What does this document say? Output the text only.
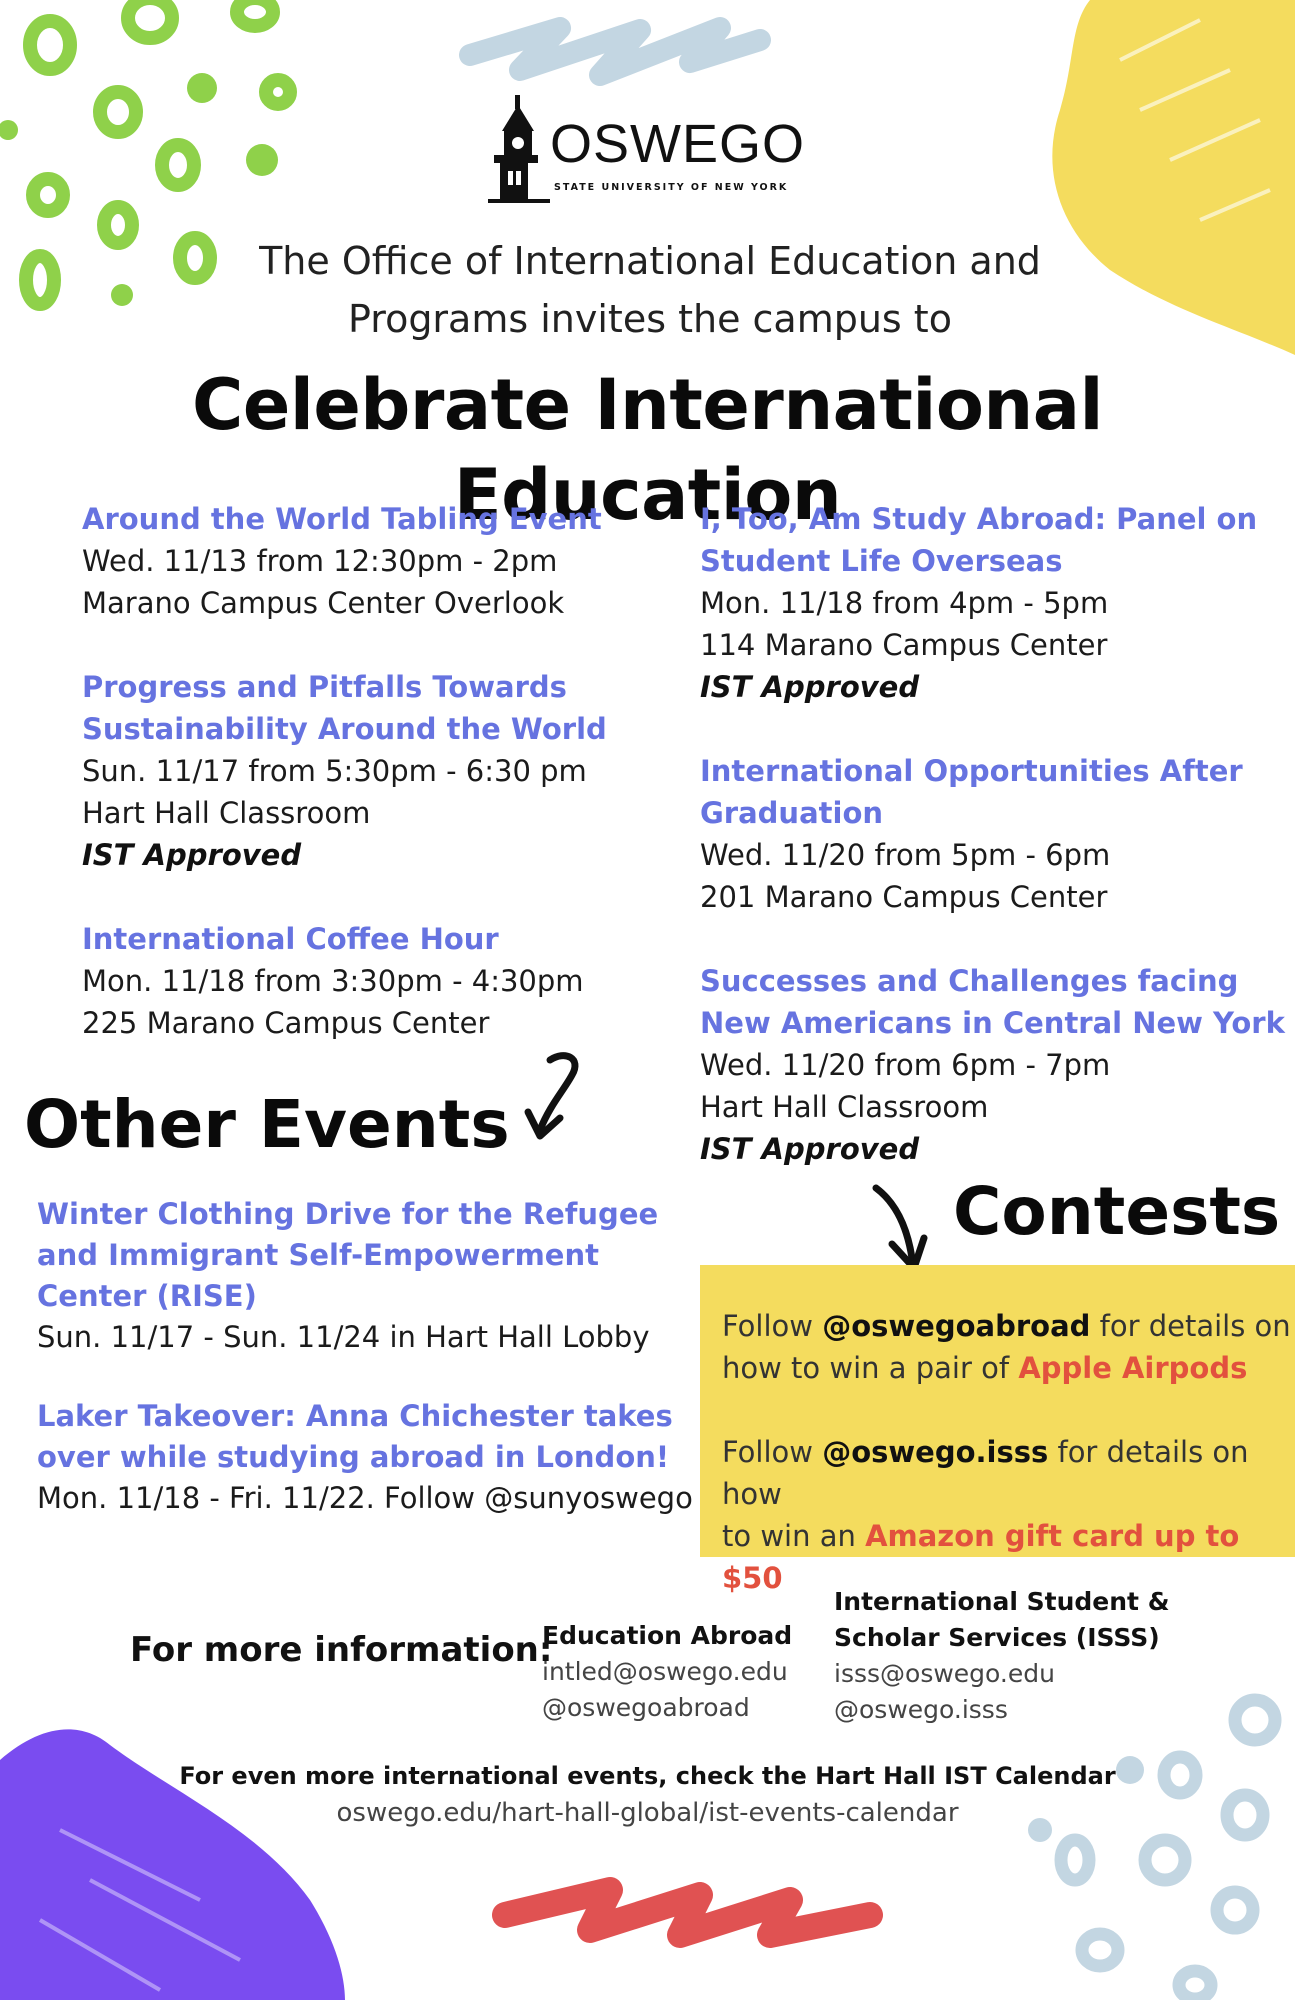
OSWEGO
STATE UNIVERSITY OF NEW YORK
The Office of International Education and
Programs invites the campus to
Celebrate International Education
Around the World Tabling Event
Wed. 11/13 from 12:30pm - 2pm
Marano Campus Center Overlook
Progress and Pitfalls Towards
Sustainability Around the World
Sun. 11/17 from 5:30pm - 6:30 pm
Hart Hall Classroom
IST Approved
International Coffee Hour
Mon. 11/18 from 3:30pm - 4:30pm
225 Marano Campus Center
I, Too, Am Study Abroad: Panel on
Student Life Overseas
Mon. 11/18 from 4pm - 5pm
114 Marano Campus Center
IST Approved
International Opportunities After
Graduation
Wed. 11/20 from 5pm - 6pm
201 Marano Campus Center
Successes and Challenges facing
New Americans in Central New York
Wed. 11/20 from 6pm - 7pm
Hart Hall Classroom
IST Approved
Other Events
Winter Clothing Drive for the Refugee
and Immigrant Self-Empowerment
Center (RISE)
Sun. 11/17 - Sun. 11/24 in Hart Hall Lobby
Laker Takeover: Anna Chichester takes
over while studying abroad in London!
Mon. 11/18 - Fri. 11/22. Follow @sunyoswego
Contests
Follow @oswegoabroad for details on
how to win a pair of Apple Airpods
Follow @oswego.isss for details on how
to win an Amazon gift card up to $50
For more information:
Education Abroad
intled@oswego.edu
@oswegoabroad
International Student &
Scholar Services (ISSS)
isss@oswego.edu
@oswego.isss
For even more international events, check the Hart Hall IST Calendar
oswego.edu/hart-hall-global/ist-events-calendar
